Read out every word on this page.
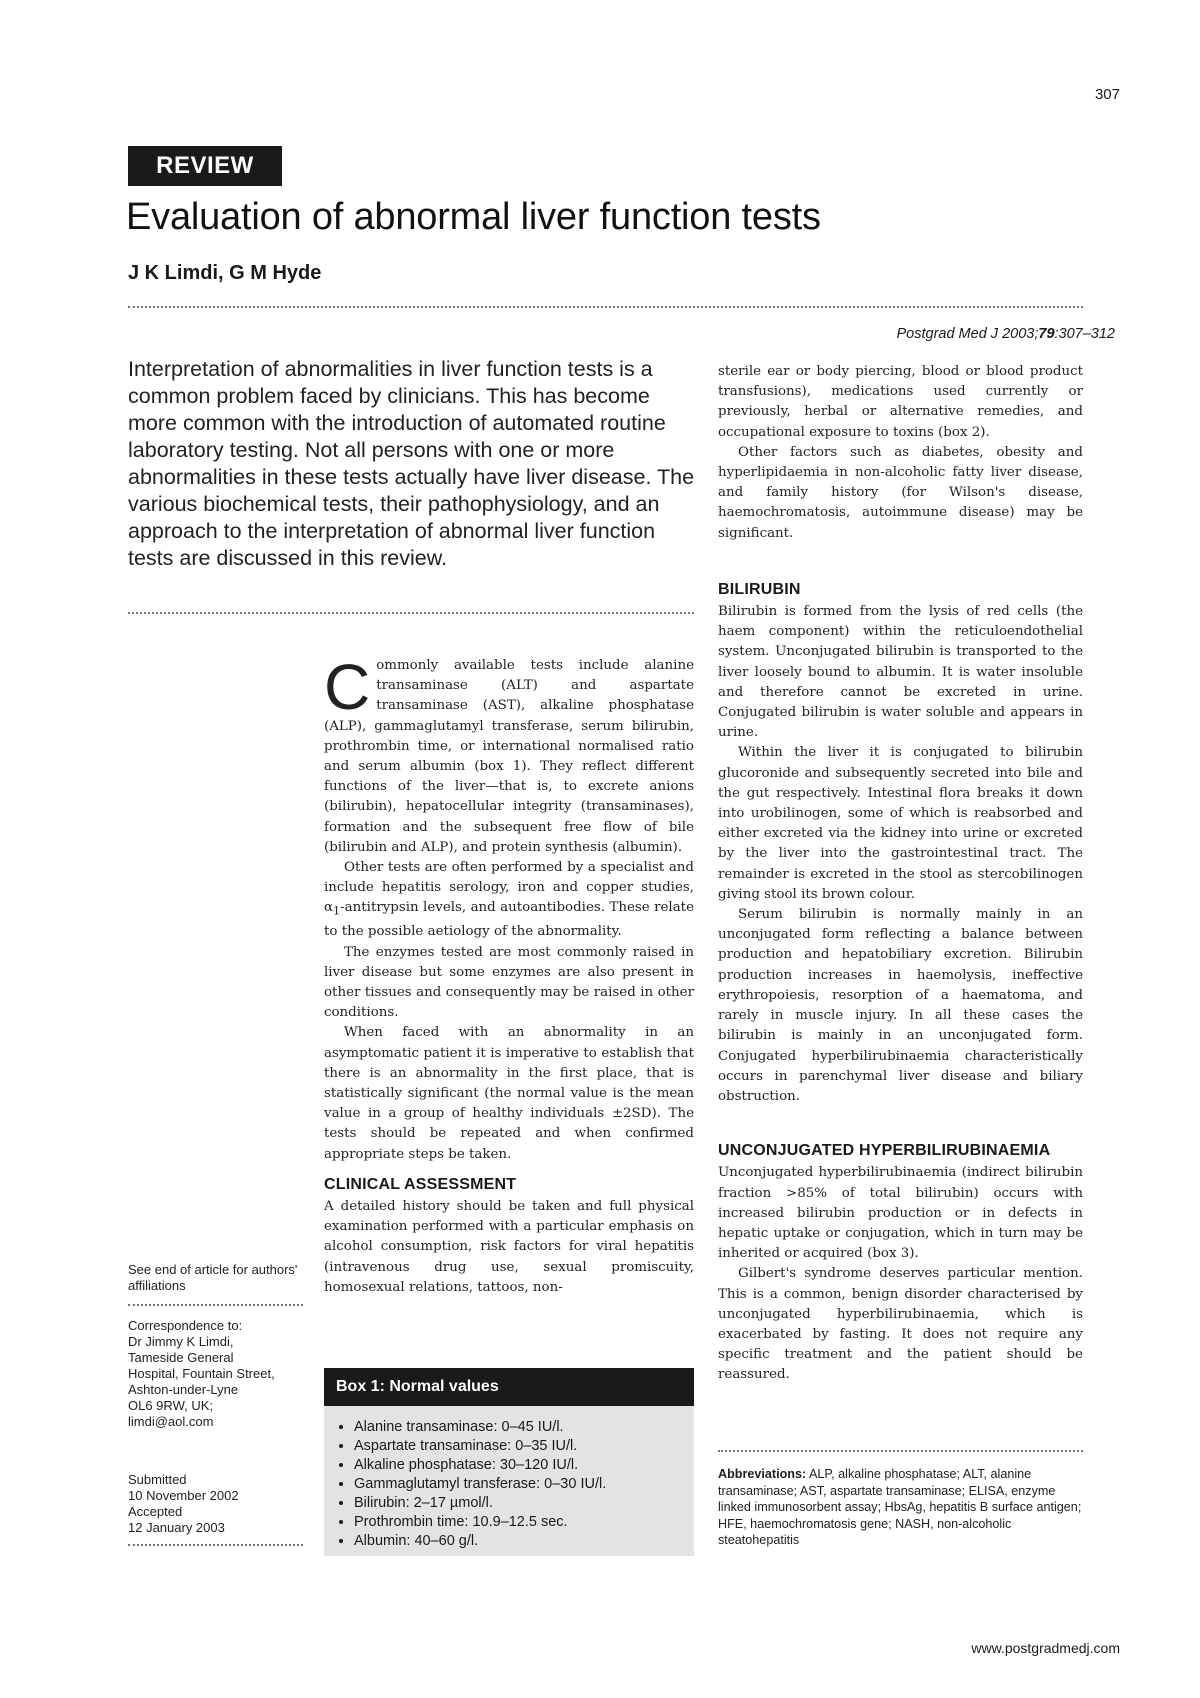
307
REVIEW
Evaluation of abnormal liver function tests
J K Limdi, G M Hyde
Postgrad Med J 2003;79:307–312

Interpretation of abnormalities in liver function tests is a common problem faced by clinicians. This has become more common with the introduction of automated routine laboratory testing. Not all persons with one or more abnormalities in these tests actually have liver disease. The various biochemical tests, their pathophysiology, and an approach to the interpretation of abnormal liver function tests are discussed in this review.

See end of article for authors' affiliations
Correspondence to:
Dr Jimmy K Limdi,
Tameside General
Hospital, Fountain Street,
Ashton-under-Lyne
OL6 9RW, UK;
limdi@aol.com
Submitted
10 November 2002
Accepted
12 January 2003

Commonly available tests include alanine transaminase (ALT) and aspartate transaminase (AST), alkaline phosphatase (ALP), gammaglutamyl transferase, serum bilirubin, prothrombin time, or international normalised ratio and serum albumin (box 1). They reflect different functions of the liver—that is, to excrete anions (bilirubin), hepatocellular integrity (transaminases), formation and the subsequent free flow of bile (bilirubin and ALP), and protein synthesis (albumin).

Other tests are often performed by a specialist and include hepatitis serology, iron and copper studies, $\alpha_1$-antitrypsin levels, and autoantibodies. These relate to the possible aetiology of the abnormality.

The enzymes tested are most commonly raised in liver disease but some enzymes are also present in other tissues and consequently may be raised in other conditions.

When faced with an abnormality in an asymptomatic patient it is imperative to establish that there is an abnormality in the first place, that is statistically significant (the normal value is the mean value in a group of healthy individuals ±2SD). The tests should be repeated and when confirmed appropriate steps be taken.

CLINICAL ASSESSMENT

A detailed history should be taken and full physical examination performed with a particular emphasis on alcohol consumption, risk factors for viral hepatitis (intravenous drug use, sexual promiscuity, homosexual relations, tattoos, non-

Box 1: Normal values
• Alanine transaminase: 0–45 IU/l.
• Aspartate transaminase: 0–35 IU/l.
• Alkaline phosphatase: 30–120 IU/l.
• Gammaglutamyl transferase: 0–30 IU/l.
• Bilirubin: 2–17 µmol/l.
• Prothrombin time: 10.9–12.5 sec.
• Albumin: 40–60 g/l.

sterile ear or body piercing, blood or blood product transfusions), medications used currently or previously, herbal or alternative remedies, and occupational exposure to toxins (box 2).

Other factors such as diabetes, obesity and hyperlipidaemia in non-alcoholic fatty liver disease, and family history (for Wilson's disease, haemochromatosis, autoimmune disease) may be significant.

BILIRUBIN

Bilirubin is formed from the lysis of red cells (the haem component) within the reticuloendothelial system. Unconjugated bilirubin is transported to the liver loosely bound to albumin. It is water insoluble and therefore cannot be excreted in urine. Conjugated bilirubin is water soluble and appears in urine.

Within the liver it is conjugated to bilirubin glucoronide and subsequently secreted into bile and the gut respectively. Intestinal flora breaks it down into urobilinogen, some of which is reabsorbed and either excreted via the kidney into urine or excreted by the liver into the gastrointestinal tract. The remainder is excreted in the stool as stercobilinogen giving stool its brown colour.

Serum bilirubin is normally mainly in an unconjugated form reflecting a balance between production and hepatobiliary excretion. Bilirubin production increases in haemolysis, ineffective erythropoiesis, resorption of a haematoma, and rarely in muscle injury. In all these cases the bilirubin is mainly in an unconjugated form. Conjugated hyperbilirubinaemia characteristically occurs in parenchymal liver disease and biliary obstruction.

UNCONJUGATED HYPERBILIRUBINAEMIA

Unconjugated hyperbilirubinaemia (indirect bilirubin fraction >85% of total bilirubin) occurs with increased bilirubin production or in defects in hepatic uptake or conjugation, which in turn may be inherited or acquired (box 3).

Gilbert's syndrome deserves particular mention. This is a common, benign disorder characterised by unconjugated hyperbilirubinaemia, which is exacerbated by fasting. It does not require any specific treatment and the patient should be reassured.

Abbreviations: ALP, alkaline phosphatase; ALT, alanine transaminase; AST, aspartate transaminase; ELISA, enzyme linked immunosorbent assay; HbsAg, hepatitis B surface antigen; HFE, haemochromatosis gene; NASH, non-alcoholic steatohepatitis
www.postgradmedj.com
